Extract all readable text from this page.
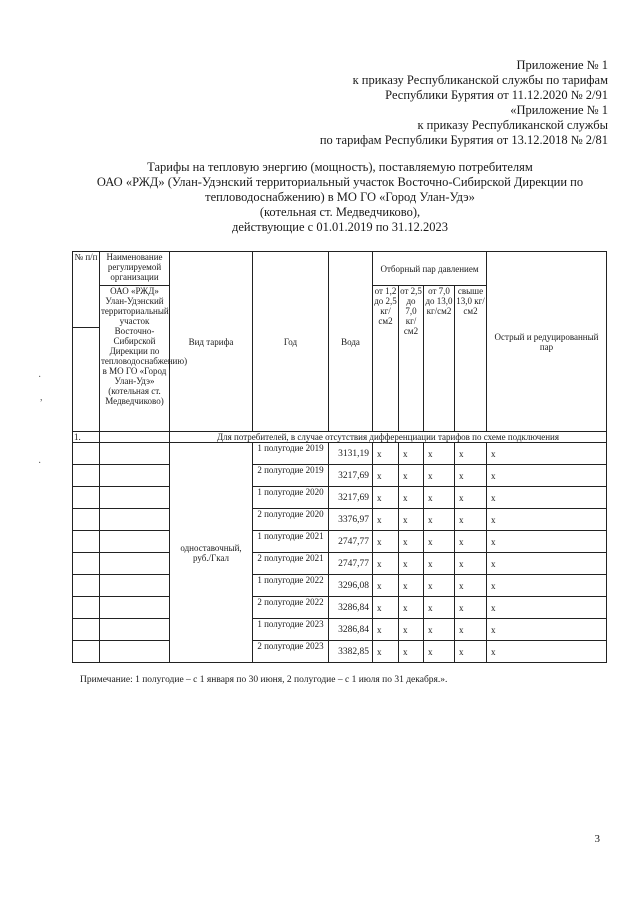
Приложение № 1
к приказу Республиканской службы по тарифам
Республики Бурятия от 11.12.2020 № 2/91
«Приложение № 1
к приказу Республиканской службы
по тарифам Республики Бурятия от 13.12.2018 № 2/81
Тарифы на тепловую энергию (мощность), поставляемую потребителям
ОАО «РЖД» (Улан-Удэнский территориальный участок Восточно-Сибирской Дирекции по
тепловодоснабжению) в МО ГО «Город Улан-Удэ»
(котельная ст. Медведчиково),
действующие с 01.01.2019 по 31.12.2023
·
,
·
№ п/п	Наименование регулируемой организации	Вид тарифа	Год	Вода	Отборный пар давлением				Острый и редуцированный пар
	ОАО «РЖД» Улан-Удэнский территориальный участок Восточно-Сибирской Дирекции по тепловодоснабжению) в МО ГО «Город Улан-Удэ» (котельная ст. Медведчиково)				от 1,2 до 2,5 кг/см2	от 2,5 до 7,0 кг/см2	от 7,0 до 13,0 кг/см2	свыше 13,0 кг/см2	

1.		Для потребителей, в случае отсутствия дифференциации тарифов по схеме подключения							
		одноставочный, руб./Гкал	1 полугодие 2019	3131,19	x	x	x	x	x
			2 полугодие 2019	3217,69	x	x	x	x	x
			1 полугодие 2020	3217,69	x	x	x	x	x
			2 полугодие 2020	3376,97	x	x	x	x	x
			1 полугодие 2021	2747,77	x	x	x	x	x
			2 полугодие 2021	2747,77	x	x	x	x	x
			1 полугодие 2022	3296,08	x	x	x	x	x
			2 полугодие 2022	3286,84	x	x	x	x	x
			1 полугодие 2023	3286,84	x	x	x	x	x
			2 полугодие 2023	3382,85	x	x	x	x	x
Примечание: 1 полугодие – с 1 января по 30 июня, 2 полугодие – с 1 июля по 31 декабря.».
3
